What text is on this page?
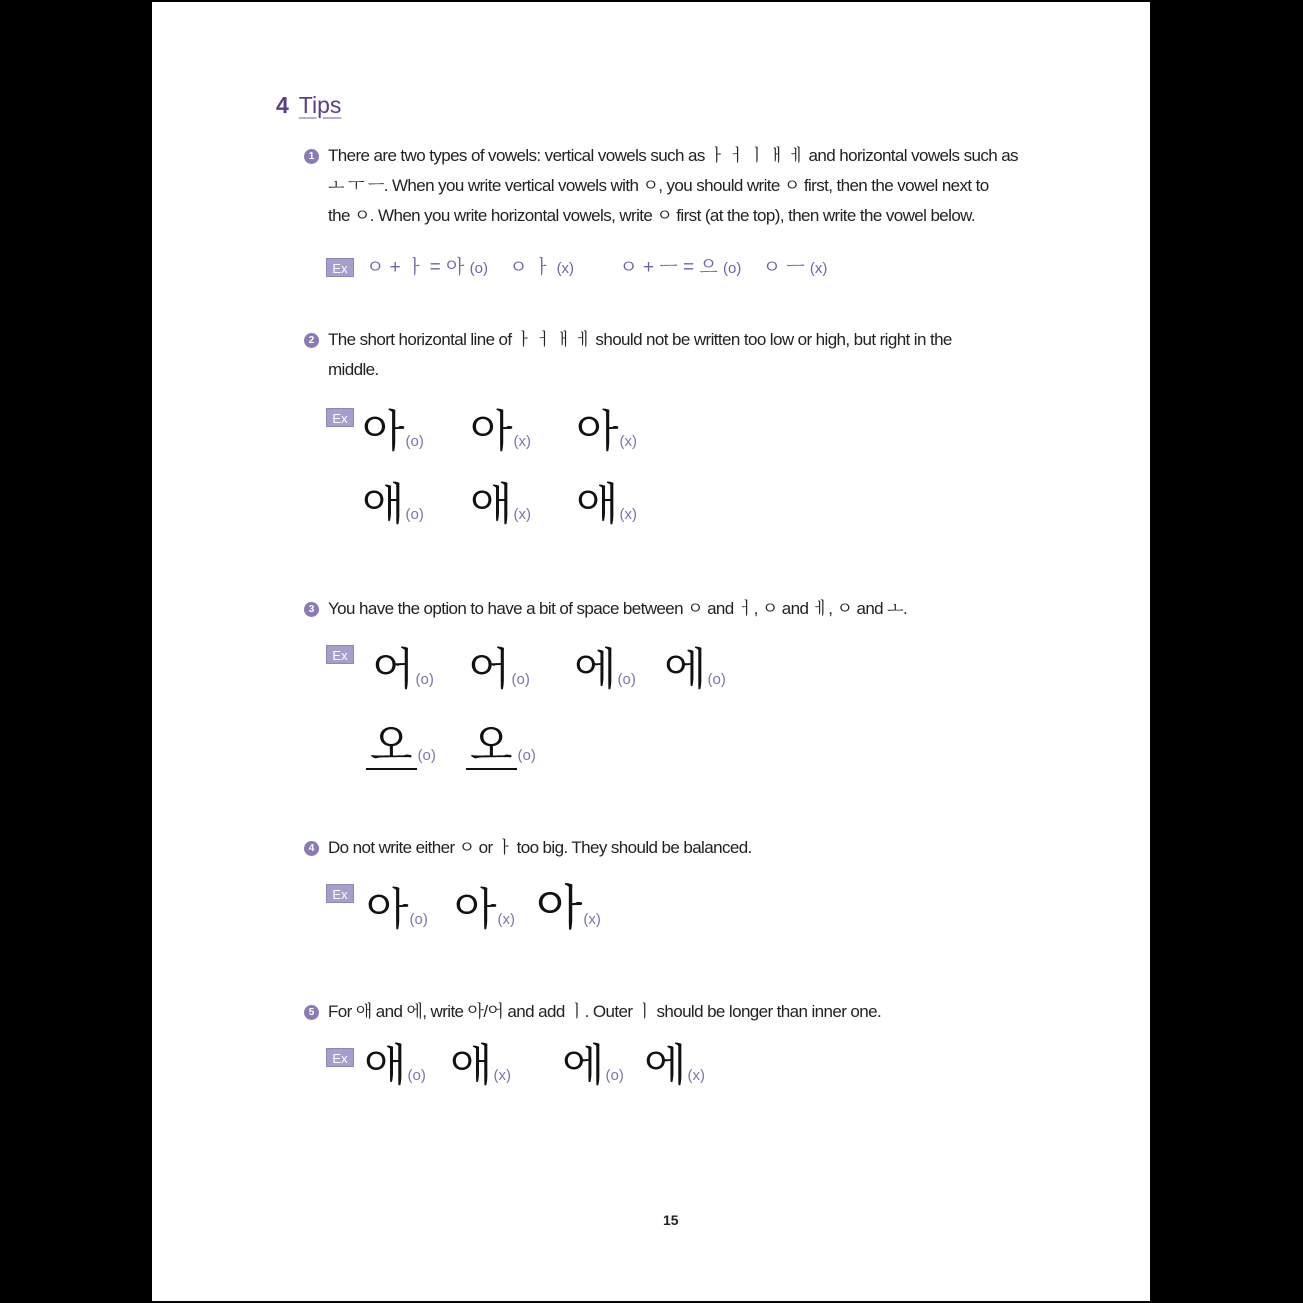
4 Tips
1 There are two types of vowels: vertical vowels such as ㅏ ㅓ ㅣ ㅐ ㅔ and horizontal vowels such as
ㅗ ㅜ ㅡ. When you write vertical vowels with ㅇ, you should write ㅇ first, then the vowel next to
the ㅇ. When you write horizontal vowels, write ㅇ first (at the top), then write the vowel below.
Ex ㅇ + ㅏ = 아 (o) ㅇ ㅏ (x) ㅇ + ㅡ = 으 (o) ㅇ ㅡ (x)
2 The short horizontal line of ㅏ ㅓ ㅐ ㅔ should not be written too low or high, but right in the
middle.
Ex 아(o) 아(x) 아(x)
애(o) 애(x) 애(x)
3 You have the option to have a bit of space between ㅇ and ㅓ, ㅇ and ㅔ, ㅇ and ㅗ.
Ex 어(o) 어(o) 에(o) 에(o)
오 (o) 오 (o)
4 Do not write either ㅇ or ㅏ too big. They should be balanced.
Ex 아(o) 아(x) 아(x)
5 For 애 and 에, write 아/어 and add ㅣ. Outer ㅣ should be longer than inner one.
Ex 애(o) 애(x) 에(o) 에(x)
15
